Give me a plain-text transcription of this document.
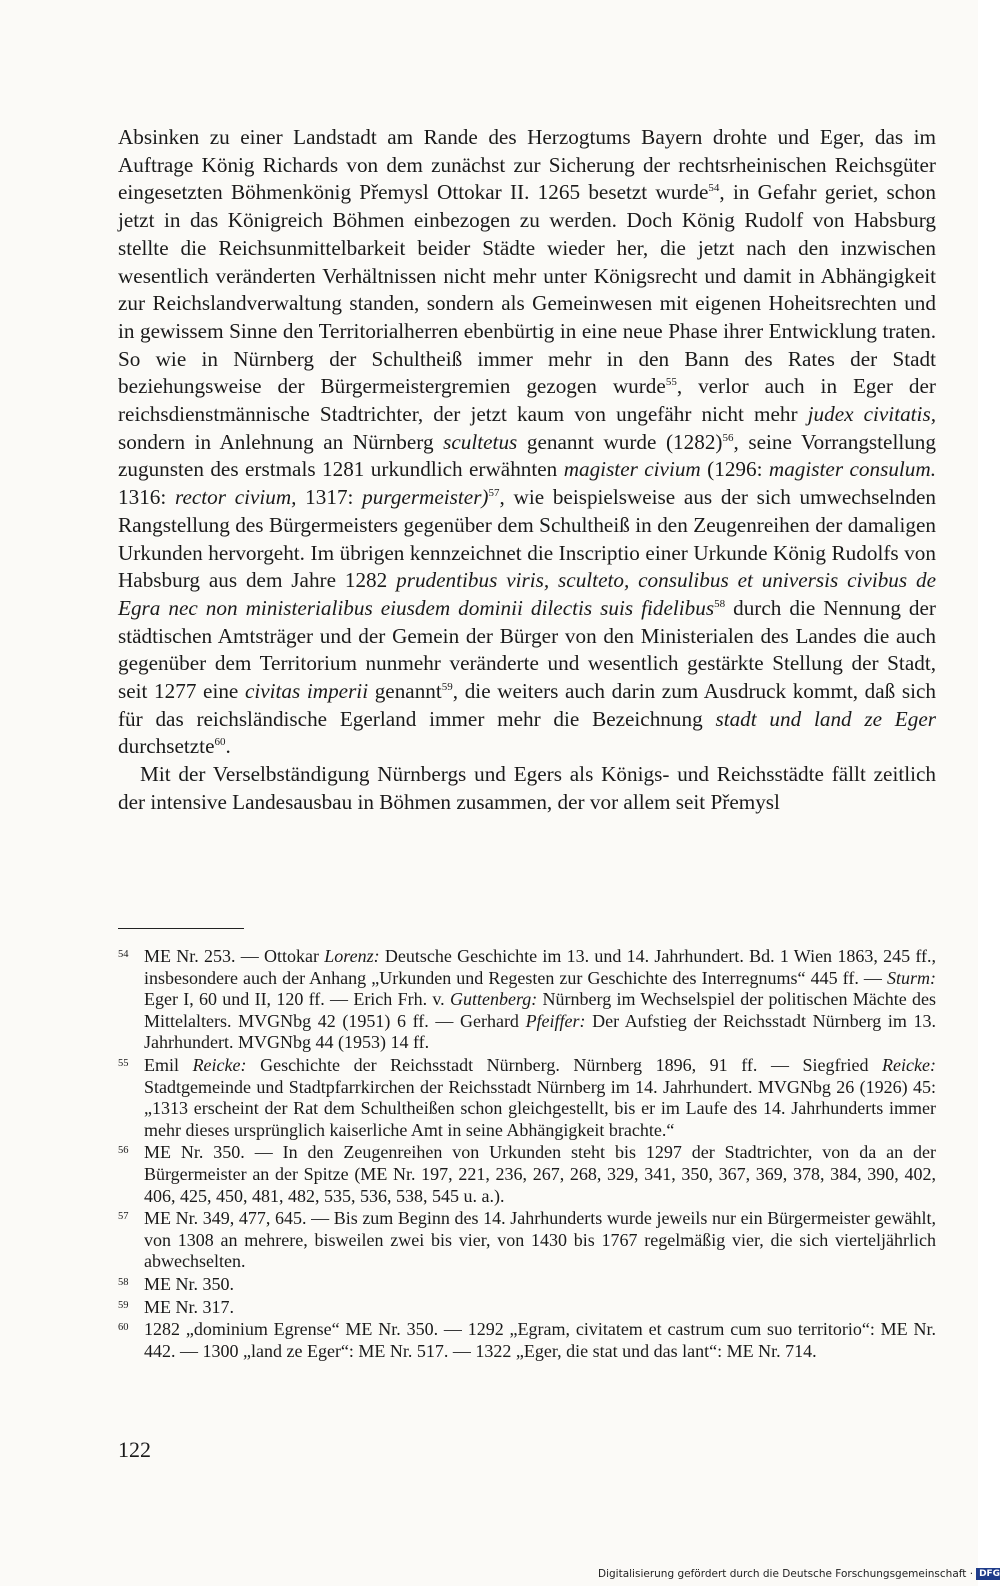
Absinken zu einer Landstadt am Rande des Herzogtums Bayern drohte und Eger, das im Auftrage König Richards von dem zunächst zur Sicherung der rechtsrheinischen Reichsgüter eingesetzten Böhmenkönig Přemysl Ottokar II. 1265 besetzt wurde$^{54}$, in Gefahr geriet, schon jetzt in das Königreich Böhmen einbezogen zu werden. Doch König Rudolf von Habsburg stellte die Reichsunmittelbarkeit beider Städte wieder her, die jetzt nach den inzwischen wesentlich veränderten Verhältnissen nicht mehr unter Königsrecht und damit in Abhängigkeit zur Reichslandverwaltung standen, sondern als Gemeinwesen mit eigenen Hoheitsrechten und in gewissem Sinne den Territorialherren ebenbürtig in eine neue Phase ihrer Entwicklung traten. So wie in Nürnberg der Schultheiß immer mehr in den Bann des Rates der Stadt beziehungsweise der Bürgermeistergremien gezogen wurde$^{55}$, verlor auch in Eger der reichsdienstmännische Stadtrichter, der jetzt kaum von ungefähr nicht mehr judex civitatis, sondern in Anlehnung an Nürnberg scultetus genannt wurde $(1282)^{56}$, seine Vorrangstellung zugunsten des erstmals 1281 urkundlich erwähnten magister civium (1296: magister consulum. 1316: rector civium, 1317: purgermeister)$^{57}$, wie beispielsweise aus der sich umwechselnden Rangstellung des Bürgermeisters gegenüber dem Schultheiß in den Zeugenreihen der damaligen Urkunden hervorgeht. Im übrigen kennzeichnet die Inscriptio einer Urkunde König Rudolfs von Habsburg aus dem Jahre 1282 prudentibus viris, sculteto, consulibus et universis civibus de Egra nec non ministerialibus eiusdem dominii dilectis suis fidelibus$^{58}$ durch die Nennung der städtischen Amtsträger und der Gemein der Bürger von den Ministerialen des Landes die auch gegenüber dem Territorium nunmehr veränderte und wesentlich gestärkte Stellung der Stadt, seit 1277 eine civitas imperii genannt$^{59}$, die weiters auch darin zum Ausdruck kommt, daß sich für das reichsländische Egerland immer mehr die Bezeichnung stadt und land ze Eger durchsetzte$^{60}$.

Mit der Verselbständigung Nürnbergs und Egers als Königs- und Reichsstädte fällt zeitlich der intensive Landesausbau in Böhmen zusammen, der vor allem seit Přemysl

54 ME Nr. 253. — Ottokar Lorenz: Deutsche Geschichte im 13. und 14. Jahrhundert. Bd. 1 Wien 1863, 245 ff., insbesondere auch der Anhang „Urkunden und Regesten zur Geschichte des Interregnums“ 445 ff. — Sturm: Eger I, 60 und II, 120 ff. — Erich Frh. v. Guttenberg: Nürnberg im Wechselspiel der politischen Mächte des Mittelalters. MVGNbg 42 (1951) 6 ff. — Gerhard Pfeiffer: Der Aufstieg der Reichsstadt Nürnberg im 13. Jahrhundert. MVGNbg 44 (1953) 14 ff.
55 Emil Reicke: Geschichte der Reichsstadt Nürnberg. Nürnberg 1896, 91 ff. — Siegfried Reicke: Stadtgemeinde und Stadtpfarrkirchen der Reichsstadt Nürnberg im 14. Jahrhundert. MVGNbg 26 (1926) 45: „1313 erscheint der Rat dem Schultheißen schon gleichgestellt, bis er im Laufe des 14. Jahrhunderts immer mehr dieses ursprünglich kaiserliche Amt in seine Abhängigkeit brachte.“
56 ME Nr. 350. — In den Zeugenreihen von Urkunden steht bis 1297 der Stadtrichter, von da an der Bürgermeister an der Spitze (ME Nr. 197, 221, 236, 267, 268, 329, 341, 350, 367, 369, 378, 384, 390, 402, 406, 425, 450, 481, 482, 535, 536, 538, 545 u. a.).
57 ME Nr. 349, 477, 645. — Bis zum Beginn des 14. Jahrhunderts wurde jeweils nur ein Bürgermeister gewählt, von 1308 an mehrere, bisweilen zwei bis vier, von 1430 bis 1767 regelmäßig vier, die sich vierteljährlich abwechselten.
58 ME Nr. 350.
59 ME Nr. 317.
60 1282 „dominium Egrense“ ME Nr. 350. — 1292 „Egram, civitatem et castrum cum suo territorio“: ME Nr. 442. — 1300 „land ze Eger“: ME Nr. 517. — 1322 „Eger, die stat und das lant“: ME Nr. 714.
122
Digitalisierung gefördert durch die Deutsche Forschungsgemeinschaft · DFG
